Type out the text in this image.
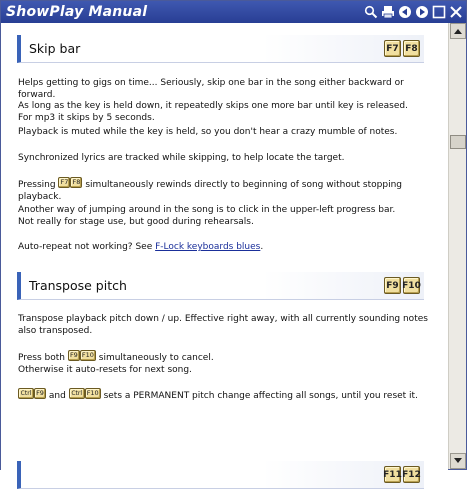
ShowPlay Manual
Skip bar	F7 F8
Helps getting to gigs on time... Seriously, skip one bar in the song either backward or forward.
As long as the key is held down, it repeatedly skips one more bar until key is released.
For mp3 it skips by 5 seconds.
Playback is muted while the key is held, so you don't hear a crazy mumble of notes.
Synchronized lyrics are tracked while skipping, to help locate the target.
Pressing F7 F8 simultaneously rewinds directly to beginning of song without stopping playback.
Another way of jumping around in the song is to click in the upper-left progress bar.
Not really for stage use, but good during rehearsals.
Auto-repeat not working? See F-Lock keyboards blues.
Transpose pitch	F9 F10
Transpose playback pitch down / up. Effective right away, with all currently sounding notes
also transposed.
Press both F9 F10 simultaneously to cancel.
Otherwise it auto-resets for next song.
Ctrl F9 and Ctrl F10 sets a PERMANENT pitch change affecting all songs, until you reset it.
F11 F12
